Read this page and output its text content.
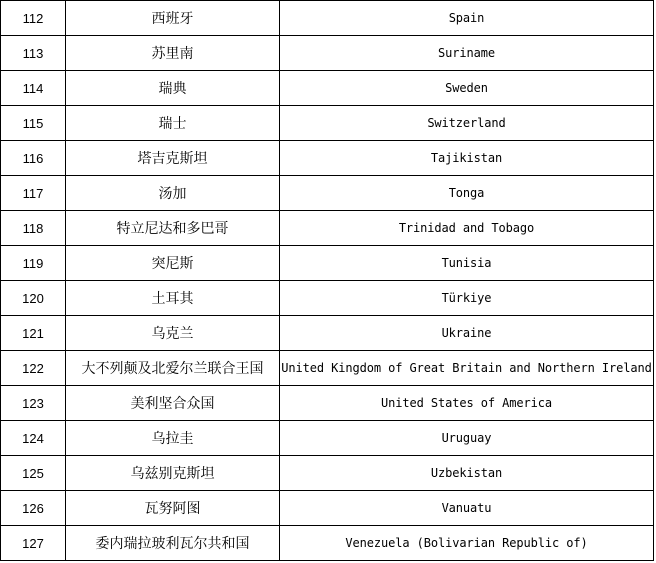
112	西班牙	Spain
113	苏里南	Suriname
114	瑞典	Sweden
115	瑞士	Switzerland
116	塔吉克斯坦	Tajikistan
117	汤加	Tonga
118	特立尼达和多巴哥	Trinidad and Tobago
119	突尼斯	Tunisia
120	土耳其	Türkiye
121	乌克兰	Ukraine
122	大不列颠及北爱尔兰联合王国	United Kingdom of Great Britain and Northern Ireland
123	美利坚合众国	United States of America
124	乌拉圭	Uruguay
125	乌兹别克斯坦	Uzbekistan
126	瓦努阿图	Vanuatu
127	委内瑞拉玻利瓦尔共和国	Venezuela (Bolivarian Republic of)
